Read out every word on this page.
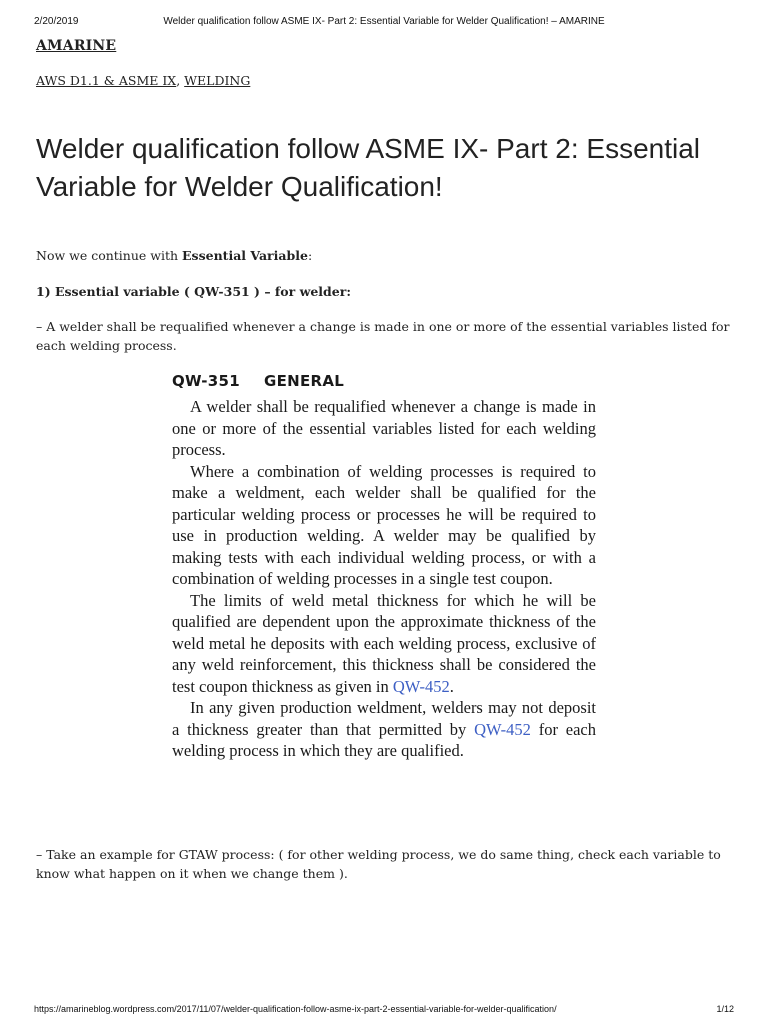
2/20/2019	Welder qualification follow ASME IX- Part 2: Essential Variable for Welder Qualification! – AMARINE
AMARINE
AWS D1.1 & ASME IX, WELDING
Welder qualification follow ASME IX- Part 2: Essential Variable for Welder Qualification!

Now we continue with Essential Variable:

1) Essential variable ( QW-351 ) – for welder:

– A welder shall be requalified whenever a change is made in one or more of the essential variables listed for each welding process.

QW-351 GENERAL

A welder shall be requalified whenever a change is made in one or more of the essential variables listed for each welding process.

Where a combination of welding processes is required to make a weldment, each welder shall be qualified for the particular welding process or processes he will be required to use in production welding. A welder may be qualified by making tests with each individual welding process, or with a combination of welding processes in a single test coupon.

The limits of weld metal thickness for which he will be qualified are dependent upon the approximate thickness of the weld metal he deposits with each welding process, exclusive of any weld reinforcement, this thickness shall be considered the test coupon thickness as given in QW-452.

In any given production weldment, welders may not deposit a thickness greater than that permitted by QW-452 for each welding process in which they are qualified.

– Take an example for GTAW process: ( for other welding process, we do same thing, check each variable to know what happen on it when we change them ).

https://amarineblog.wordpress.com/2017/11/07/welder-qualification-follow-asme-ix-part-2-essential-variable-for-welder-qualification/	1/12
